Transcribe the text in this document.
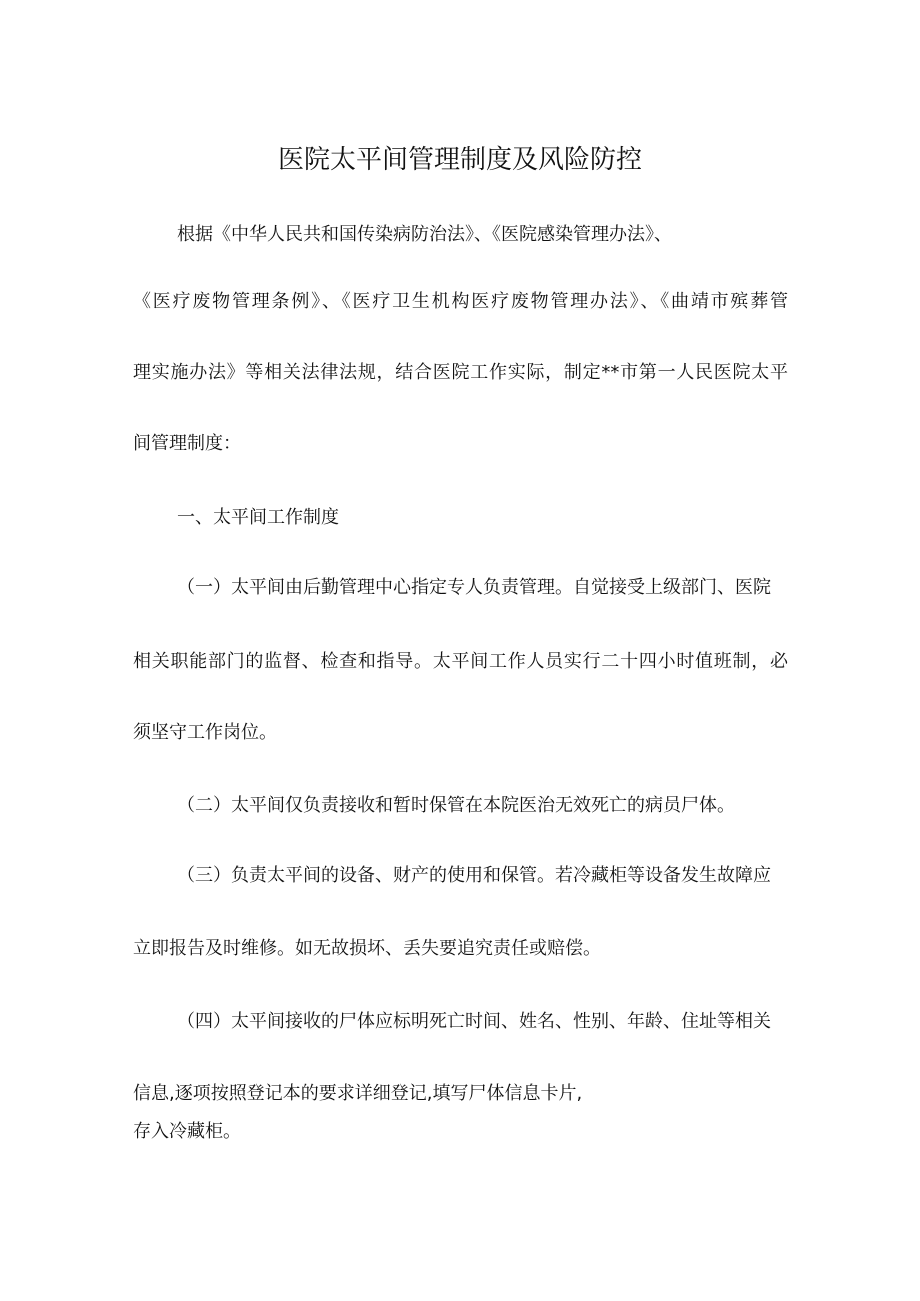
医院太平间管理制度及风险防控

根据《中华人民共和国传染病防治法》、《医院感染管理办法》、

《医疗废物管理条例》、《医疗卫生机构医疗废物管理办法》、《曲靖市殡葬管

理实施办法》等相关法律法规，结合医院工作实际，制定**市第一人民医院太平

间管理制度：

一、太平间工作制度

（一）太平间由后勤管理中心指定专人负责管理。自觉接受上级部门、医院

相关职能部门的监督、检查和指导。太平间工作人员实行二十四小时值班制，必

须坚守工作岗位。

（二）太平间仅负责接收和暂时保管在本院医治无效死亡的病员尸体。

（三）负责太平间的设备、财产的使用和保管。若冷藏柜等设备发生故障应

立即报告及时维修。如无故损坏、丢失要追究责任或赔偿。

（四）太平间接收的尸体应标明死亡时间、姓名、性别、年龄、住址等相关

信息,逐项按照登记本的要求详细登记,填写尸体信息卡片,

存入冷藏柜。
